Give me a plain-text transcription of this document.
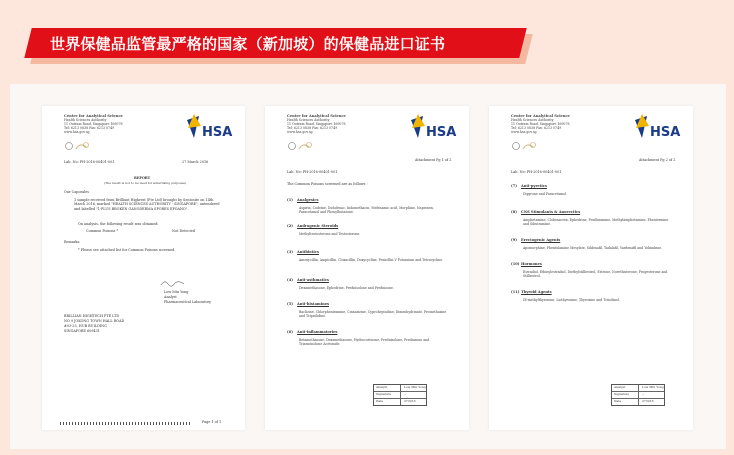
世界保健品监管最严格的国家（新加坡）的保健品进口证书
Centre for Analytical Science
Health Sciences Authority
11 Outram Road, Singapore 169078
Tel: 6213 0838 Fax: 6213 0749
www.hsa.gov.sg	HSA
Lab. No: PH-2016-00401-001	27 March 2016
REPORT
(The result is not to be used for advertising purposes)
Our Caporales
1 sample received from Brilliant Highrest (Pte Ltd) brought by Sentosite on 14th March 2016, marked "HEALTH SCIENCES AUTHORITY - SINGAPORE", untendered and labelled "1-PLUS BROKEN GANODERMA SPORES EPOANO".
On analysis, the following result was obtained:
Common Poisons *	Not Detected
Remarks:
* Please see attached list for Common Poisons screened.
Low Min Yong
Analyst
Pharmaceutical Laboratory
BRILLIAN HIGHTECH PTE LTD
NO 9 JOKONG TOWN HALL ROAD
#03-25, HUB BUILDING
SINGAPORE 609431
Page 1 of 1
Centre for Analytical Science
Health Sciences Authority
11 Outram Road, Singapore 169078
Tel: 6213 0838 Fax: 6213 0749
www.hsa.gov.sg	HSA
Attachment Pg 1 of 2
Lab. No: PH-2016-00401-001
The Common Poisons screened are as follows :
(1) Analgesics
Aspirin, Codeine, Diclofenac, Indomethacin, Mefenamic acid, Morphine, Naproxen, Paracetamol and Phenylbutazone.
(2) Androgenic Steroids
Methyltestosterone and Testosterone.
(3) Antibiotics
Amoxycillin, Ampicillin, Cloxacillin, Doxycycline, Penicillin V Potassium and Tetracycline.
(4) Anti-asthmatics
Dexamethasone, Ephedrine, Prednisolone and Prednisone.
(5) Anti-histamines
Baclizine, Chlorpheniramine, Cinnarizine, Cyproheptadine, Dimenhydrinate, Promethazine and Triprolidine.
(6) Anti-inflammatories
Betamethasone, Dexamethasone, Hydrocortisone, Prednisolone, Prednisone and Triamcinolone Acetonide.
Analyst	Low Min Yong
Signature	~
Date	27/3/16
Centre for Analytical Science
Health Sciences Authority
11 Outram Road, Singapore 169078
Tel: 6213 0838 Fax: 6213 0749
www.hsa.gov.sg	HSA
Attachment Pg 2 of 2
Lab. No: PH-2016-00401-001
(7) Anti-pyretics
Dipyrone and Paracetamol.
(8) CNS Stimulants & Anorectics
Amphetamine, Clobenzorex, Ephedrine, Fenfluramine, Methylamphetamine, Phentermine and Sibutramine.
(9) Erectogenic Agents
Apomorphine, Phentolamine Mesylate, Sildenafil, Tadalafil, Vardenafil and Yohimbine.
(10) Hormones
Estradiol, Ethinylestradiol, Diethylstilbestrol, Estrone, Norethisterone, Progesterone and Stilbestrol.
(11) Thyroid Agents
Dl-methylthyronine, Liothyronine, Thyroxine and Triiodinol.
Analyst	Low Min Yong
Signature	~
Date	27/3/16
